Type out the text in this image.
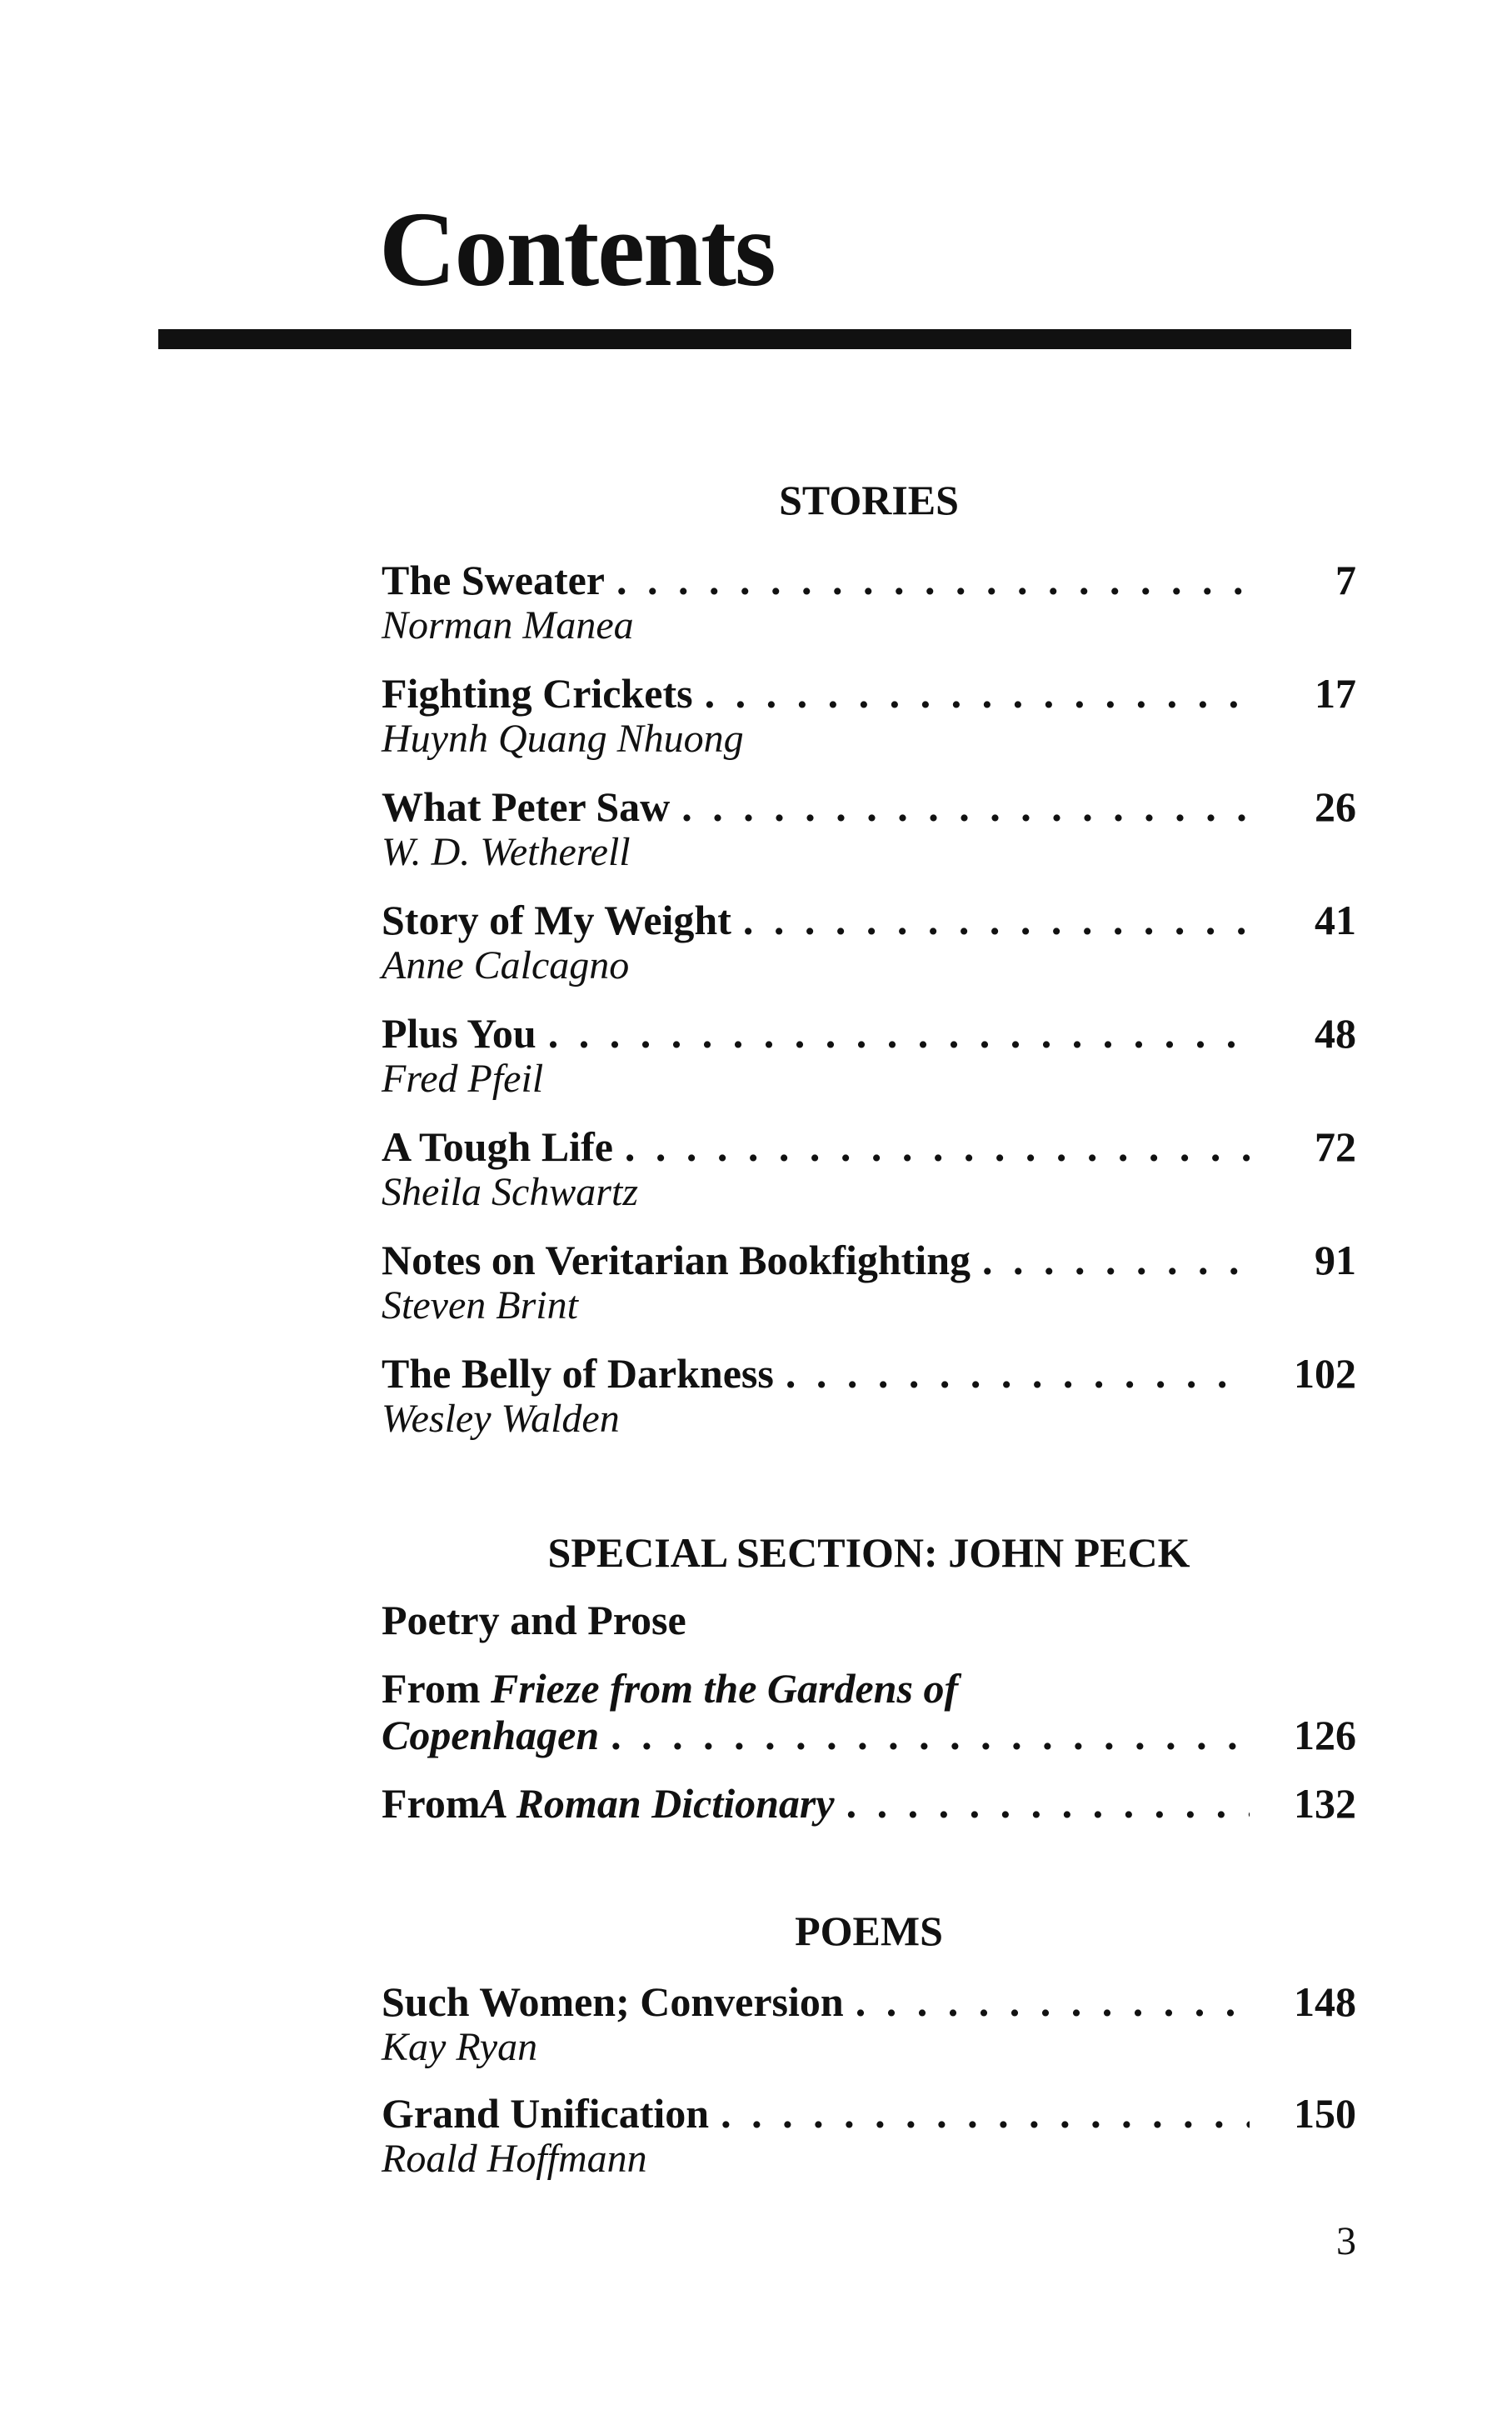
Contents
STORIES
The Sweater . . .	7
Norman Manea
Fighting Crickets . . .	17
Huynh Quang Nhuong
What Peter Saw . . .	26
W. D. Wetherell
Story of My Weight . . .	41
Anne Calcagno
Plus You . . .	48
Fred Pfeil
A Tough Life . . .	72
Sheila Schwartz
Notes on Veritarian Bookfighting . . .	91
Steven Brint
The Belly of Darkness . . .	102
Wesley Walden
SPECIAL SECTION: JOHN PECK
Poetry and Prose
From Frieze from the Gardens of
Copenhagen . . .	126
From A Roman Dictionary . . .	132
POEMS
Such Women; Conversion . . .	148
Kay Ryan
Grand Unification . . .	150
Roald Hoffmann
3
